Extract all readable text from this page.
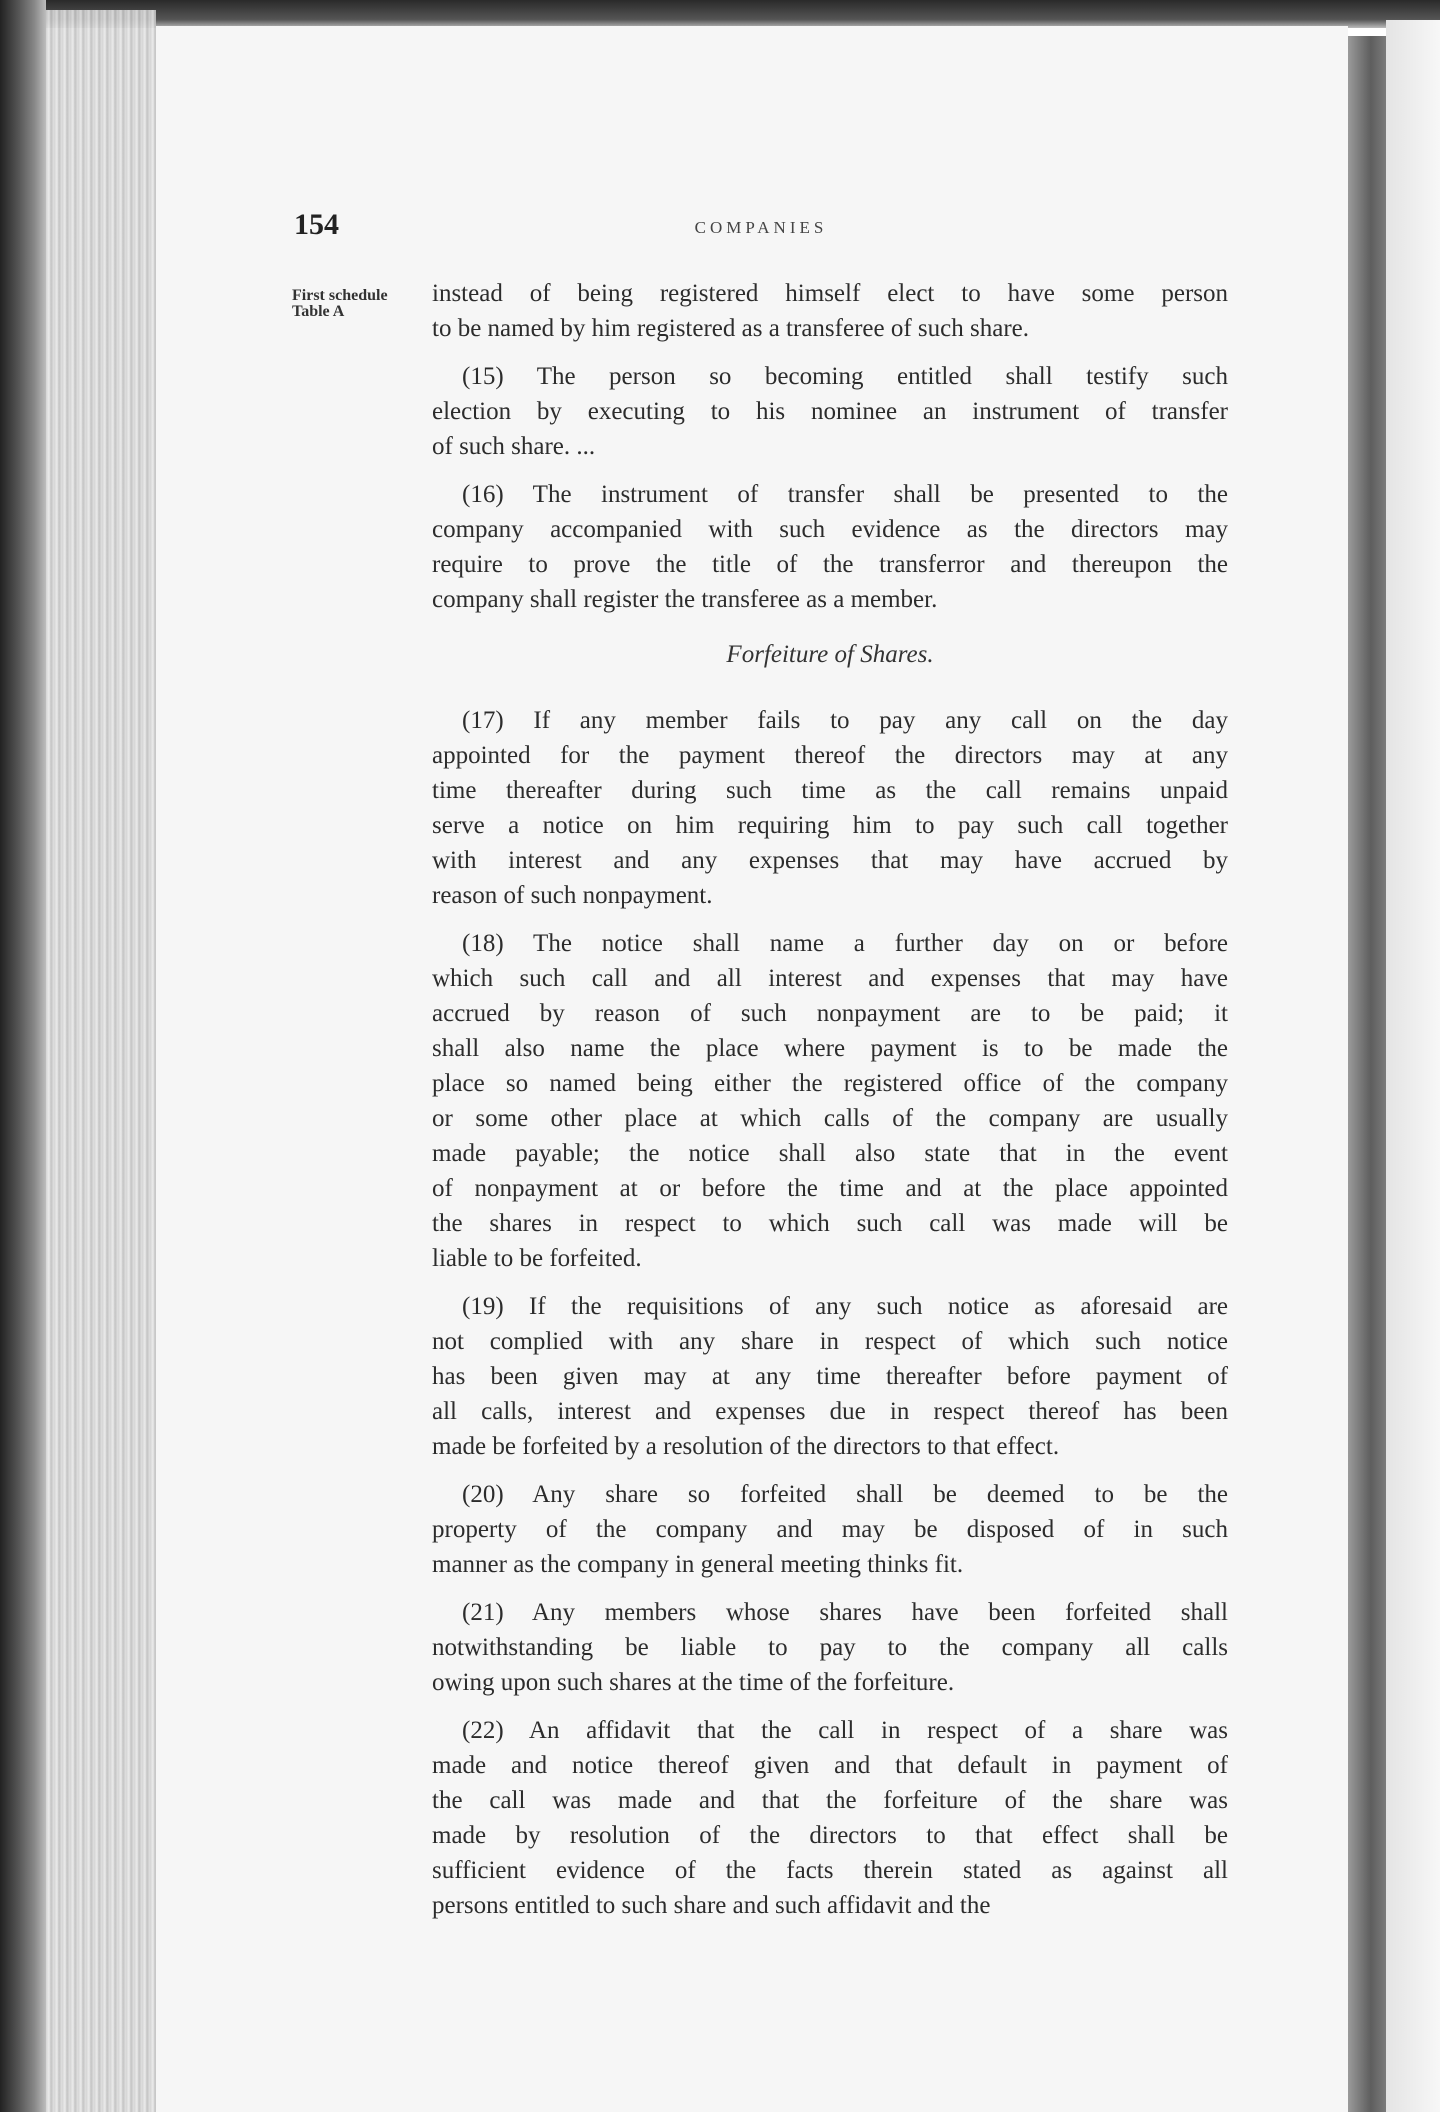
154	COMPANIES
First schedule
Table A
instead of being registered himself elect to have some person
to be named by him registered as a transferee of such share.
(15) The person so becoming entitled shall testify such
election by executing to his nominee an instrument of transfer
of such share. ...
(16) The instrument of transfer shall be presented to the
company accompanied with such evidence as the directors may
require to prove the title of the transferror and thereupon the
company shall register the transferee as a member.
Forfeiture of Shares.
(17) If any member fails to pay any call on the day
appointed for the payment thereof the directors may at any
time thereafter during such time as the call remains unpaid
serve a notice on him requiring him to pay such call together
with interest and any expenses that may have accrued by
reason of such nonpayment.
(18) The notice shall name a further day on or before
which such call and all interest and expenses that may have
accrued by reason of such nonpayment are to be paid; it
shall also name the place where payment is to be made the
place so named being either the registered office of the company
or some other place at which calls of the company are usually
made payable; the notice shall also state that in the event
of nonpayment at or before the time and at the place appointed
the shares in respect to which such call was made will be
liable to be forfeited.
(19) If the requisitions of any such notice as aforesaid are
not complied with any share in respect of which such notice
has been given may at any time thereafter before payment of
all calls, interest and expenses due in respect thereof has been
made be forfeited by a resolution of the directors to that effect.
(20) Any share so forfeited shall be deemed to be the
property of the company and may be disposed of in such
manner as the company in general meeting thinks fit.
(21) Any members whose shares have been forfeited shall
notwithstanding be liable to pay to the company all calls
owing upon such shares at the time of the forfeiture.
(22) An affidavit that the call in respect of a share was
made and notice thereof given and that default in payment of
the call was made and that the forfeiture of the share was
made by resolution of the directors to that effect shall be
sufficient evidence of the facts therein stated as against all
persons entitled to such share and such affidavit and the
